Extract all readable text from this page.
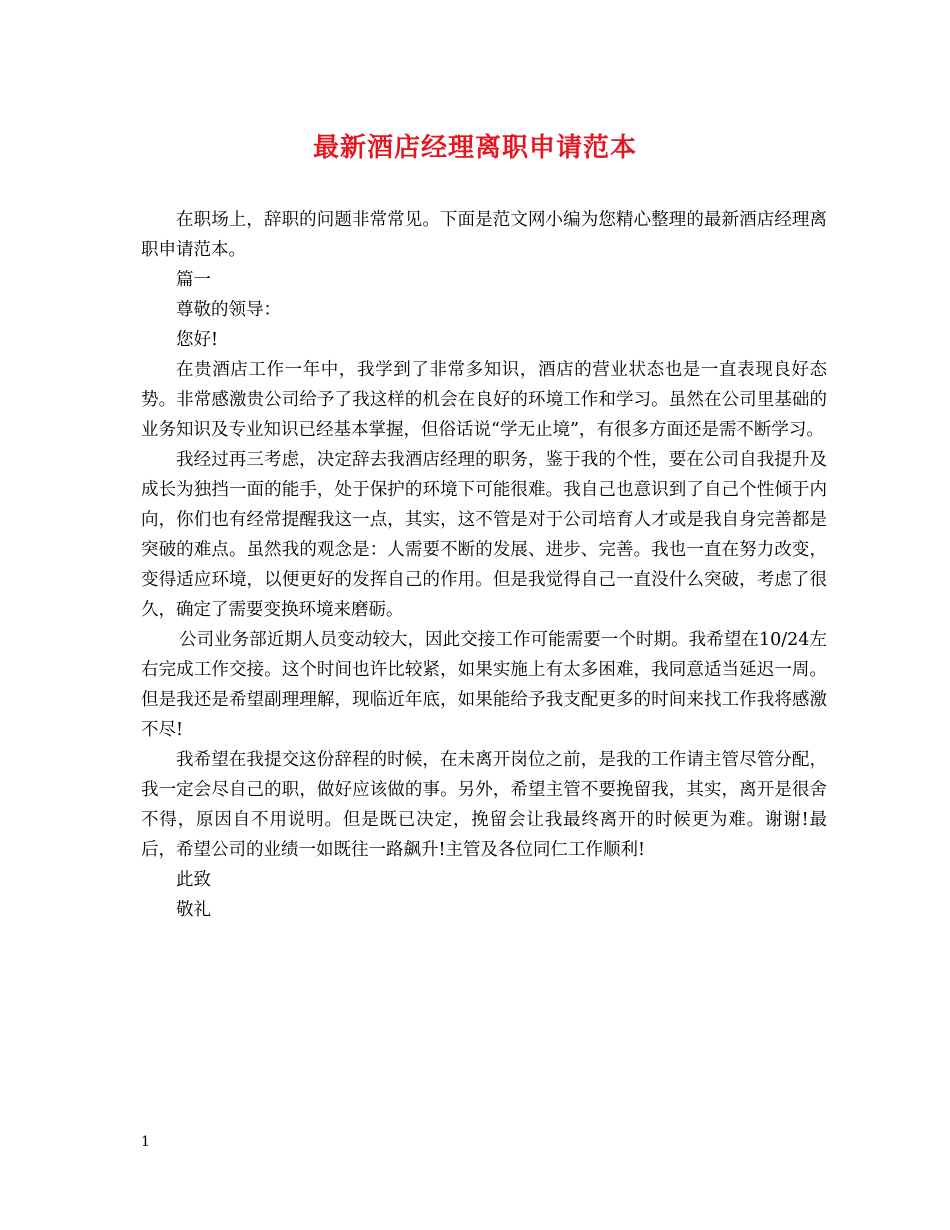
最新酒店经理离职申请范本

在职场上，辞职的问题非常常见。下面是范文网小编为您精心整理的最新酒店经理离职申请范本。

篇一

尊敬的领导：

您好!

在贵酒店工作一年中，我学到了非常多知识，酒店的营业状态也是一直表现良好态势。非常感激贵公司给予了我这样的机会在良好的环境工作和学习。虽然在公司里基础的业务知识及专业知识已经基本掌握，但俗话说“学无止境”，有很多方面还是需不断学习。

我经过再三考虑，决定辞去我酒店经理的职务，鉴于我的个性，要在公司自我提升及成长为独挡一面的能手，处于保护的环境下可能很难。我自己也意识到了自己个性倾于内向，你们也有经常提醒我这一点，其实，这不管是对于公司培育人才或是我自身完善都是突破的难点。虽然我的观念是：人需要不断的发展、进步、完善。我也一直在努力改变，变得适应环境，以便更好的发挥自己的作用。但是我觉得自己一直没什么突破，考虑了很久，确定了需要变换环境来磨砺。

公司业务部近期人员变动较大，因此交接工作可能需要一个时期。我希望在10/24左右完成工作交接。这个时间也许比较紧，如果实施上有太多困难，我同意适当延迟一周。但是我还是希望副理理解，现临近年底，如果能给予我支配更多的时间来找工作我将感激不尽!

我希望在我提交这份辞程的时候，在未离开岗位之前，是我的工作请主管尽管分配，我一定会尽自己的职，做好应该做的事。另外，希望主管不要挽留我，其实，离开是很舍不得，原因自不用说明。但是既已决定，挽留会让我最终离开的时候更为难。谢谢!最后，希望公司的业绩一如既往一路飙升!主管及各位同仁工作顺利!

此致

敬礼

1
